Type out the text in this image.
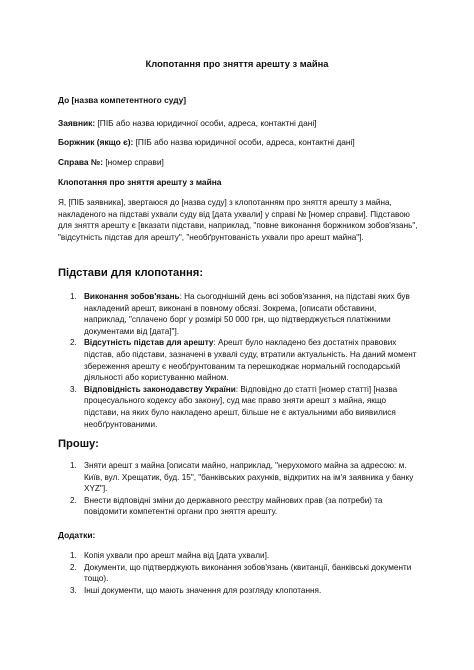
Клопотання про зняття арешту з майна
До [назва компетентного суду]
Заявник: [ПІБ або назва юридичної особи, адреса, контактні дані]
Боржник (якщо є): [ПІБ або назва юридичної особи, адреса, контактні дані]
Справа №: [номер справи]
Клопотання про зняття арешту з майна
Я, [ПІБ заявника], звертаюся до [назва суду] з клопотанням про зняття арешту з майна, накладеного на підставі ухвали суду від [дата ухвали] у справі № [номер справи]. Підставою для зняття арешту є [вказати підстави, наприклад, "повне виконання боржником зобов'язань", "відсутність підстав для арешту", "необґрунтованість ухвали про арешт майна"].
Підстави для клопотання:
1. Виконання зобов'язань: На сьогоднішній день всі зобов'язання, на підставі яких був накладений арешт, виконані в повному обсязі. Зокрема, [описати обставини, наприклад, "сплачено борг у розмірі 50 000 грн, що підтверджується платіжними документами від [дата]"].
2. Відсутність підстав для арешту: Арешт було накладено без достатніх правових підстав, або підстави, зазначені в ухвалі суду, втратили актуальність. На даний момент збереження арешту є необґрунтованим та перешкоджає нормальній господарській діяльності або користуванню майном.
3. Відповідність законодавству України: Відповідно до статті [номер статті] [назва процесуального кодексу або закону], суд має право зняти арешт з майна, якщо підстави, на яких було накладено арешт, більше не є актуальними або виявилися необґрунтованими.
Прошу:
1. Зняти арешт з майна [описати майно, наприклад, "нерухомого майна за адресою: м. Київ, вул. Хрещатик, буд. 15", "банківських рахунків, відкритих на ім'я заявника у банку XYZ"].
2. Внести відповідні зміни до державного реєстру майнових прав (за потреби) та повідомити компетентні органи про зняття арешту.
Додатки:
1. Копія ухвали про арешт майна від [дата ухвали].
2. Документи, що підтверджують виконання зобов'язань (квитанції, банківські документи тощо).
3. Інші документи, що мають значення для розгляду клопотання.
